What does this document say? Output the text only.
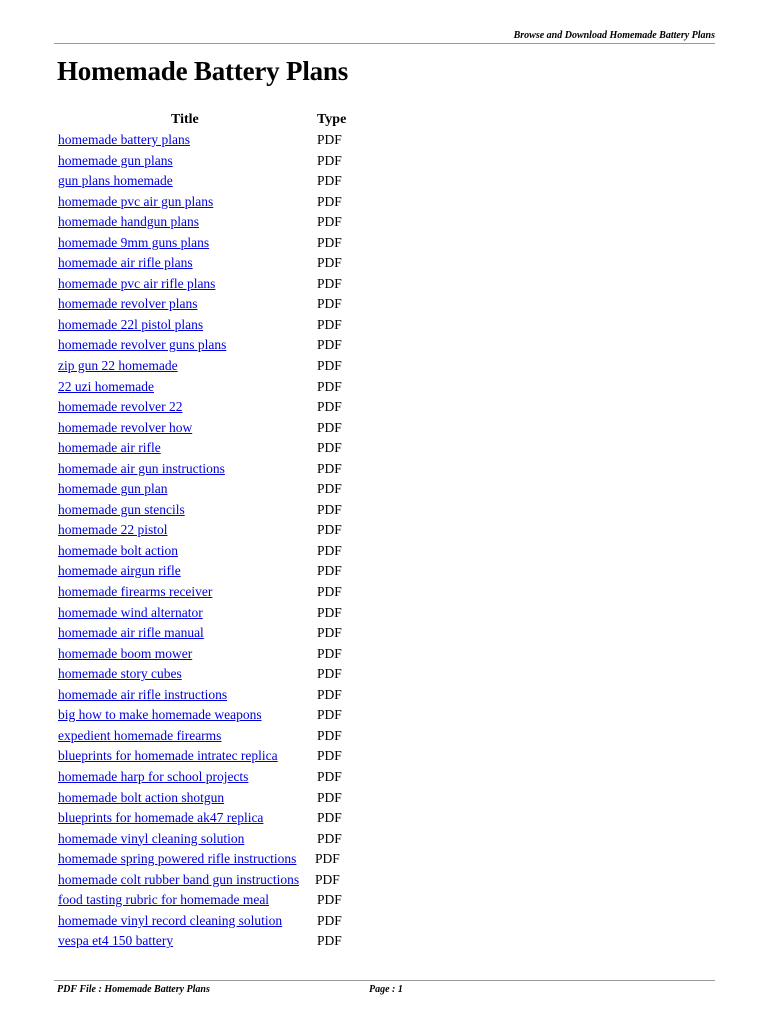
Browse and Download Homemade Battery Plans
Homemade Battery Plans
Title	Type
homemade battery plans	PDF
homemade gun plans	PDF
gun plans homemade	PDF
homemade pvc air gun plans	PDF
homemade handgun plans	PDF
homemade 9mm guns plans	PDF
homemade air rifle plans	PDF
homemade pvc air rifle plans	PDF
homemade revolver plans	PDF
homemade 22l pistol plans	PDF
homemade revolver guns plans	PDF
zip gun 22 homemade	PDF
22 uzi homemade	PDF
homemade revolver 22	PDF
homemade revolver how	PDF
homemade air rifle	PDF
homemade air gun instructions	PDF
homemade gun plan	PDF
homemade gun stencils	PDF
homemade 22 pistol	PDF
homemade bolt action	PDF
homemade airgun rifle	PDF
homemade firearms receiver	PDF
homemade wind alternator	PDF
homemade air rifle manual	PDF
homemade boom mower	PDF
homemade story cubes	PDF
homemade air rifle instructions	PDF
big how to make homemade weapons	PDF
expedient homemade firearms	PDF
blueprints for homemade intratec replica	PDF
homemade harp for school projects	PDF
homemade bolt action shotgun	PDF
blueprints for homemade ak47 replica	PDF
homemade vinyl cleaning solution	PDF
homemade spring powered rifle instructions PDF
homemade colt rubber band gun instructions PDF
food tasting rubric for homemade meal	PDF
homemade vinyl record cleaning solution	PDF
vespa et4 150 battery	PDF
PDF File : Homemade Battery Plans	Page : 1
